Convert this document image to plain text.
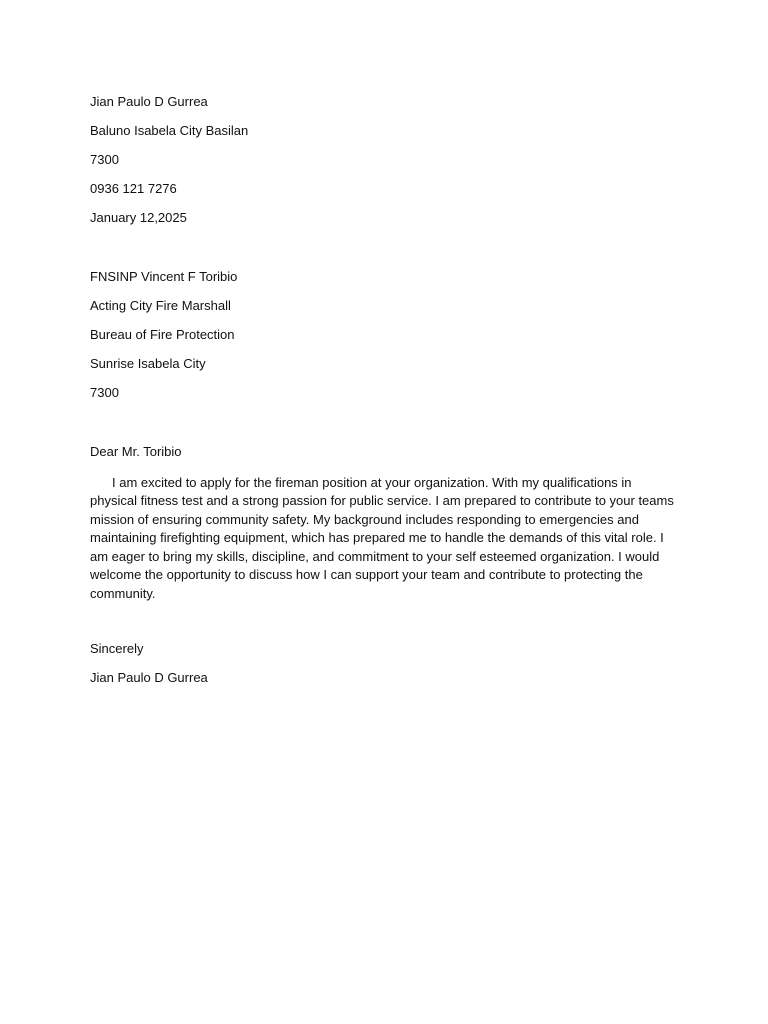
Jian Paulo D Gurrea
Baluno Isabela City Basilan
7300
0936 121 7276
January 12,2025
FNSINP Vincent F Toribio
Acting City Fire Marshall
Bureau of Fire Protection
Sunrise Isabela City
7300
Dear Mr. Toribio

I am excited to apply for the fireman position at your organization. With my qualifications in physical fitness test and a strong passion for public service. I am prepared to contribute to your teams mission of ensuring community safety. My background includes responding to emergencies and maintaining firefighting equipment, which has prepared me to handle the demands of this vital role. I am eager to bring my skills, discipline, and commitment to your self esteemed organization. I would welcome the opportunity to discuss how I can support your team and contribute to protecting the community.

Sincerely
Jian Paulo D Gurrea
